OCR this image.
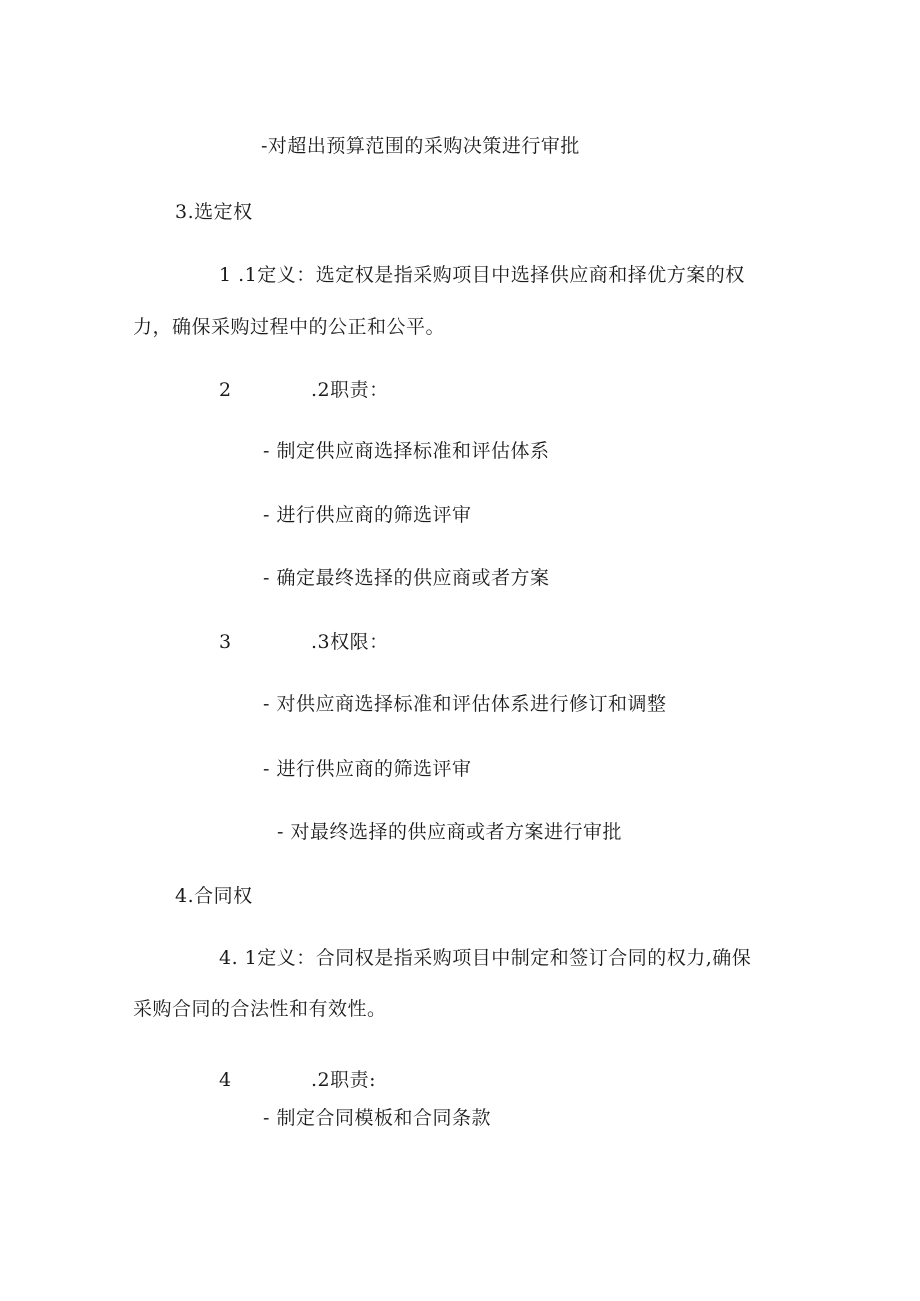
-对超出预算范围的采购决策进行审批
3.选定权
1 .1定义：选定权是指采购项目中选择供应商和择优方案的权
力，确保采购过程中的公正和公平。
2	.2职责：
- 制定供应商选择标准和评估体系
- 进行供应商的筛选评审
- 确定最终选择的供应商或者方案
3	.3权限：
- 对供应商选择标准和评估体系进行修订和调整
- 进行供应商的筛选评审
- 对最终选择的供应商或者方案进行审批
4.合同权
4. 1定义：合同权是指采购项目中制定和签订合同的权力,确保
采购合同的合法性和有效性。
4	.2职责:
- 制定合同模板和合同条款
